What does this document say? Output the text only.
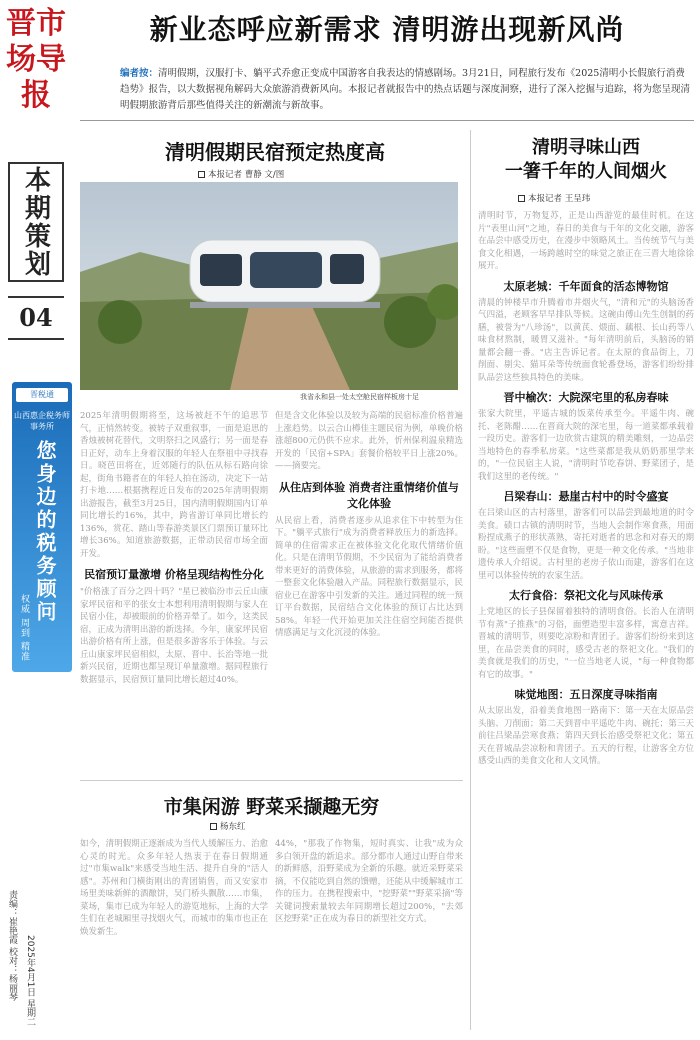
晋市场导报
本期策划
04
晋税通
山西惠企税务师事务所
您身边的税务顾问
权威 周到 精准
责编：崔艳霞 校对：杨丽琴 2025年4月1日 星期二
新业态呼应新需求 清明游出现新风尚
编者按：清明假期，汉服打卡、躺平式乔愈正变成中国游客自我表达的情感剧场。3月21日，同程旅行发布《2025清明小长假旅行消费趋势》报告，以大数据视角解码大众旅游消费新风向。本报记者就报告中的热点话题与深度洞察，进行了深入挖掘与追踪，将为您呈现清明假期旅游背后那些值得关注的新潮流与新故事。
清明假期民宿预定热度高
本报记者 曹静 文/图
我省永和县一处太空舱民宿样板房十足

2025年清明假期将至，这场被赶不午的追思节气，正悄然转变。被转子双重叙事，一面是追思的香烛被树花替代，文明祭扫之风盛行；另一面是春日正好，动车上身着汉服的年轻人在祭祖中寻找春日。晓芭田将在，近郊随行的队伍从标石路向徐起，街角书籍者在的年轻人拍在汤动，决定下一站打卡地……根据携程近日发布的2025年清明假期出游报告，截至3月25日，国内清明假期国内订单同比增长约16%，其中，跨省游订单同比增长约136%，赏花、踏山等春游类景区门票预订量环比增长36%。知道旅游数据，正带动民宿市场全面开发。

民宿预订量激增 价格呈现结构性分化

"价格涨了百分之四十吗？"星已被临汾市云丘山康家坪民宿和平的张女士本想利用清明假期与家人在民宿小住，却被眼前的价格弄晕了。如今，这类民宿，正成为清明出游的新选择。今年，康家坪民宿出游价格有所上涨，但是很多游客乐于体验。与云丘山康家坪民宿相似，太原、晋中、长治等地一批新兴民宿，近期也都呈现订单量激增。据同程旅行数据显示，民宿预订量同比增长超过40%。

但是含文化体验以及较为高端的民宿标准价格普遍上涨趋势。以云合山樽佳主题民宿为例，单晚价格涨超800元仍供不应求。此外，忻州保利温泉精选开发的「民宿+SPA」套餐价格较平日上涨20%。——摘要完。

从住店到体验 消费者注重情绪价值与文化体验

从民宿上看，消费者逐步从追求住下中转型为住下。"躺平式旅行"成为消费者释放压力的新选择。简单的住宿需求正在被体验文化化取代情绪价值化。只是在清明节假期，不少民宿为了能给消费者带来更好的消费体验，从旅游的需求到服务，都将一整套文化体验融入产品。同程旅行数据显示，民宿业已在游客中引发新的关注。通过同程的统一预订平台数据，民宿结合文化体验的预订占比达到58%。年轻一代开始更加关注住宿空间能否提供情感满足与文化沉浸的体验。

市集闲游 野菜采撷趣无穷
杨东红

如今，清明假期正逐渐成为当代人缓解压力、治愈心灵的时光。众多年轻人热衷于在春日假期通过"市集walk"来感受当地生活、提升自身的"活人感"。苏州和门横街刚出的青团销售，而又安家市场里美味新鲜的酒酿饼，吴门桥头飘散……市集，菜场，集市已成为年轻人的游览地标，上海的大学生们在老城厢里寻找烟火气，而城市的集市也正在焕发新生。

44%，"那我了作物集，短时真实、让我"成为众多白领开盘的新追求。部分都市人通过山野自带来的新鲜感，沿野菜成为全新的乐趣。就近采野菜采摘，不仅能吃到自然的馈赠，还能从中缓解城市工作的压力。在携程搜索中，"挖野菜""野菜采摘"等关键词搜索量较去年同期增长超过200%，"去郊区挖野菜"正在成为春日的新型社交方式。

清明寻味山西
一箸千年的人间烟火
本报记者 王呈玮

清明时节，万物复苏，正是山西游览的最佳时机。在这片"表里山河"之地，春日的美食与千年的文化交融，游客在品尝中感受历史，在漫步中领略风土。当传统节气与美食文化相遇，一场跨越时空的味觉之旅正在三晋大地徐徐展开。

太原老城：千年面食的活态博物馆

清晨的钟楼早市升腾着市井烟火气，"清和元"的头脑汤香气四溢，老顾客早早排队等候。这碗由傅山先生创制的药膳，被誉为"八珍汤"，以黄芪、煨面、藕根、长山药等八味食材熬制，暖胃又滋补。"每年清明前后，头脑汤的销量都会翻一番。"店主告诉记者。在太原的食品街上，刀削面、剔尖、猫耳朵等传统面食轮番登场，游客们纷纷排队品尝这些独具特色的美味。

晋中榆次：大院深宅里的私房春味

张家大院里，平遥古城的饭菜传承至今。平遥牛肉、碗托、老陈醋……在晋商大院的深宅里，每一道菜都承载着一段历史。游客们一边欣赏古建筑的精美雕刻，一边品尝当地特色的春季私房菜。"这些菜都是我从奶奶那里学来的，"一位民宿主人说，"清明时节吃春饼、野菜团子，是我们这里的老传统。"

吕梁春山：悬崖古村中的时令盛宴

在吕梁山区的古村落里，游客们可以品尝到最地道的时令美食。碛口古镇的清明时节，当地人会制作寒食燕，用面粉捏成燕子的形状蒸熟，寄托对逝者的思念和对春天的期盼。"这些面塑不仅是食物，更是一种文化传承。"当地非遗传承人介绍说。古村里的老房子依山而建，游客们在这里可以体验传统的农家生活。

太行食俗：祭祀文化与风味传承

上党地区的长子县保留着独特的清明食俗。长治人在清明节有蒸"子推燕"的习俗，面塑造型丰富多样，寓意吉祥。晋城的清明节，则要吃凉粉和青团子。游客们纷纷来到这里，在品尝美食的同时，感受古老的祭祀文化。"我们的美食就是我们的历史，"一位当地老人说，"每一种食物都有它的故事。"

味觉地图：五日深度寻味指南

从太原出发，沿着美食地图一路南下：第一天在太原品尝头脑、刀削面；第二天到晋中平遥吃牛肉、碗托；第三天前往吕梁品尝寒食燕；第四天到长治感受祭祀文化；第五天在晋城品尝凉粉和青团子。五天的行程，让游客全方位感受山西的美食文化和人文风情。
